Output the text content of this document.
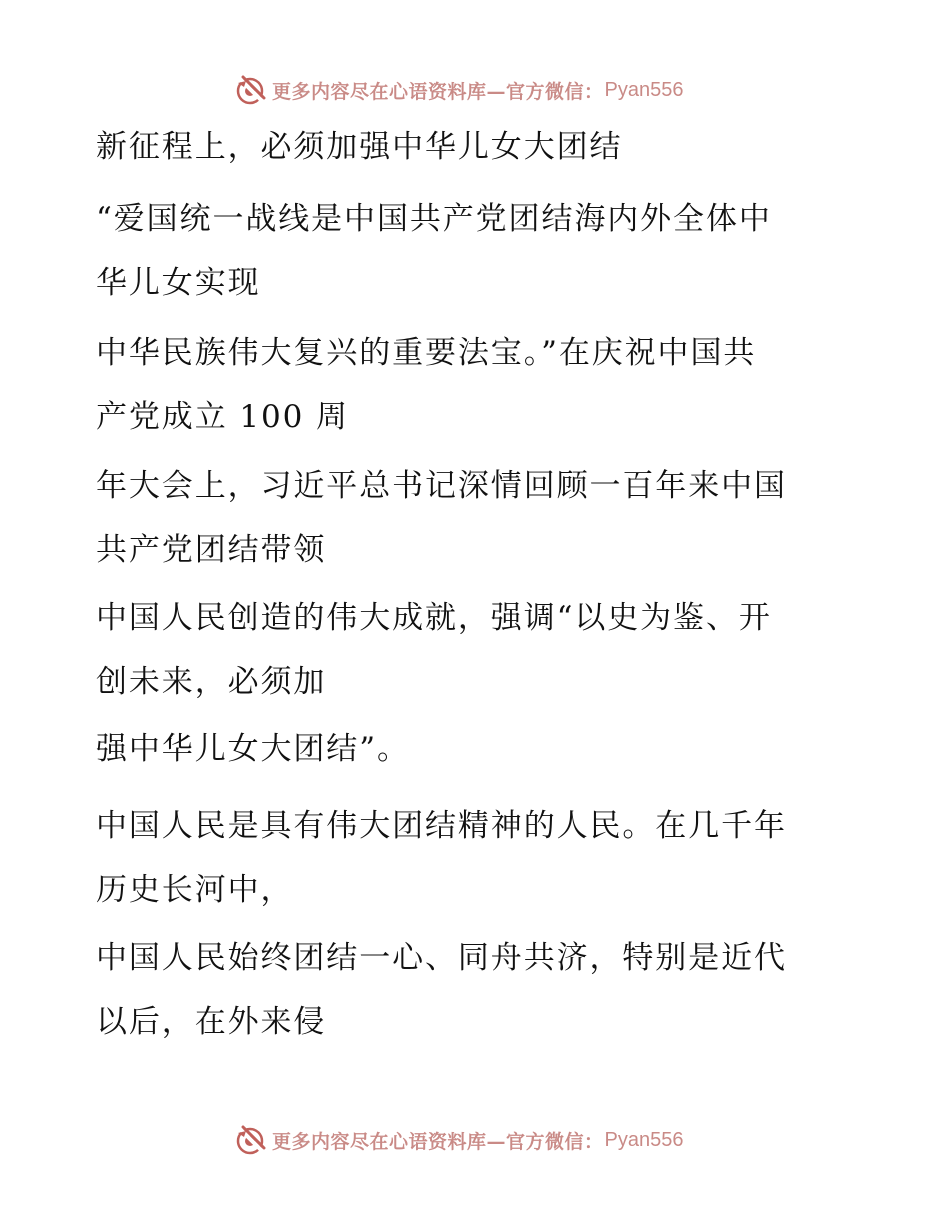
更多内容尽在心语资料库—官方微信： Pyan556

新征程上，必须加强中华儿女大团结

“爱国统一战线是中国共产党团结海内外全体中
华儿女实现

中华民族伟大复兴的重要法宝。”在庆祝中国共
产党成立 100 周

年大会上，习近平总书记深情回顾一百年来中国
共产党团结带领

中国人民创造的伟大成就，强调“以史为鉴、开
创未来，必须加

强中华儿女大团结”。

中国人民是具有伟大团结精神的人民。在几千年
历史长河中，

中国人民始终团结一心、同舟共济，特别是近代
以后，在外来侵

更多内容尽在心语资料库—官方微信： Pyan556
